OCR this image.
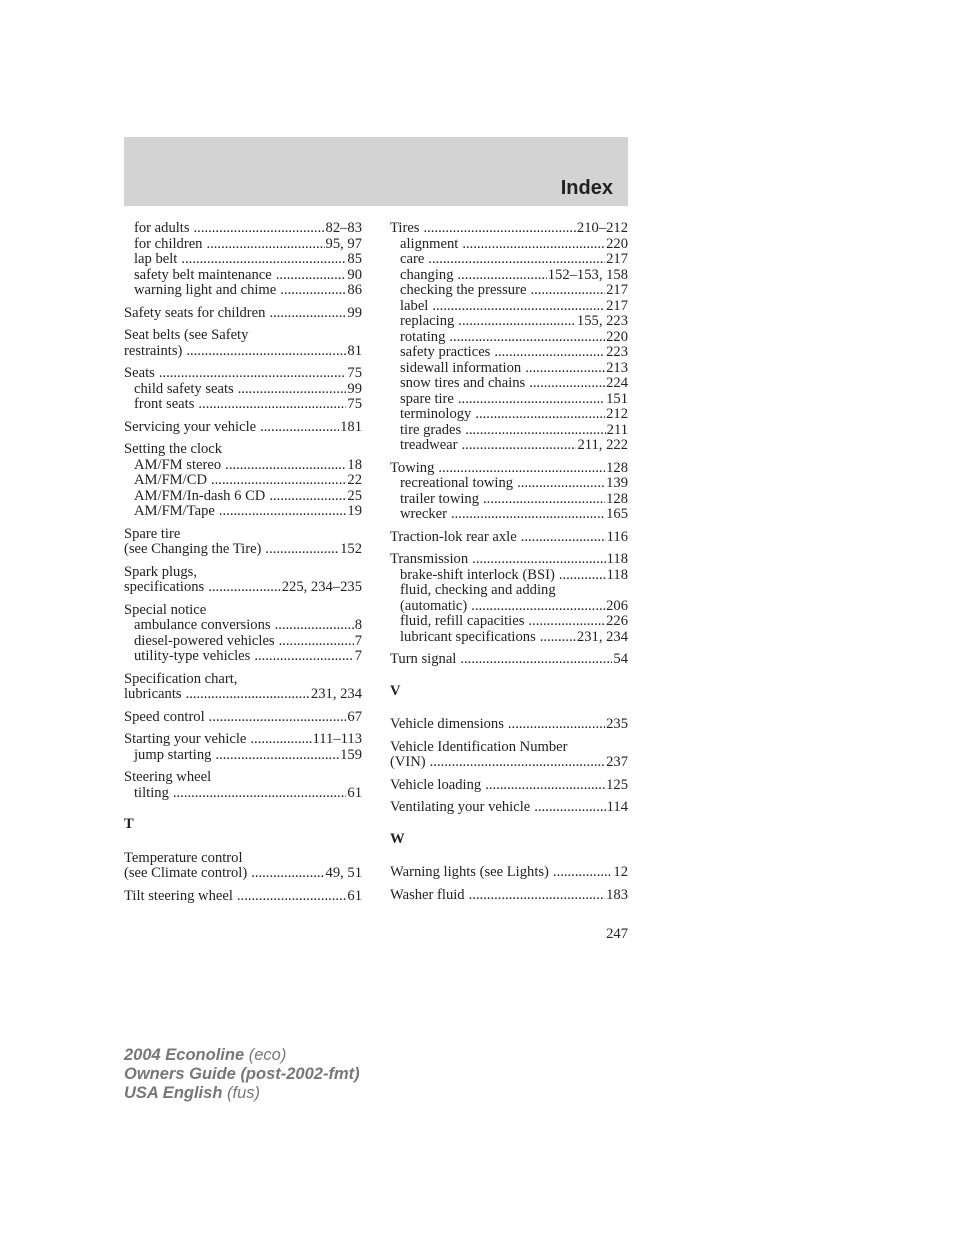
Index
for adults .....	82–83
for children .....	95, 97
lap belt .....	85
safety belt maintenance .....	90
warning light and chime .....	86
Safety seats for children .....	99
Seat belts (see Safety
restraints) .....	81
Seats .....	75
child safety seats .....	99
front seats .....	75
Servicing your vehicle .....	181
Setting the clock
AM/FM stereo .....	18
AM/FM/CD .....	22
AM/FM/In-dash 6 CD .....	25
AM/FM/Tape .....	19
Spare tire
(see Changing the Tire) .....	152
Spark plugs,
specifications .....	225, 234–235
Special notice
ambulance conversions .....	8
diesel-powered vehicles .....	7
utility-type vehicles .....	7
Specification chart,
lubricants .....	231, 234
Speed control .....	67
Starting your vehicle .....	111–113
jump starting .....	159
Steering wheel
tilting .....	61
T
Temperature control
(see Climate control) .....	49, 51
Tilt steering wheel .....	61
Tires .....	210–212
alignment .....	220
care .....	217
changing .....	152–153, 158
checking the pressure .....	217
label .....	217
replacing .....	155, 223
rotating .....	220
safety practices .....	223
sidewall information .....	213
snow tires and chains .....	224
spare tire .....	151
terminology .....	212
tire grades .....	211
treadwear .....	211, 222
Towing .....	128
recreational towing .....	139
trailer towing .....	128
wrecker .....	165
Traction-lok rear axle .....	116
Transmission .....	118
brake-shift interlock (BSI) .....	118
fluid, checking and adding
(automatic) .....	206
fluid, refill capacities .....	226
lubricant specifications .....	231, 234
Turn signal .....	54
V
Vehicle dimensions .....	235
Vehicle Identification Number
(VIN) .....	237
Vehicle loading .....	125
Ventilating your vehicle .....	114
W
Warning lights (see Lights) .....	12
Washer fluid .....	183
247
2004 Econoline (eco)
Owners Guide (post-2002-fmt)
USA English (fus)
